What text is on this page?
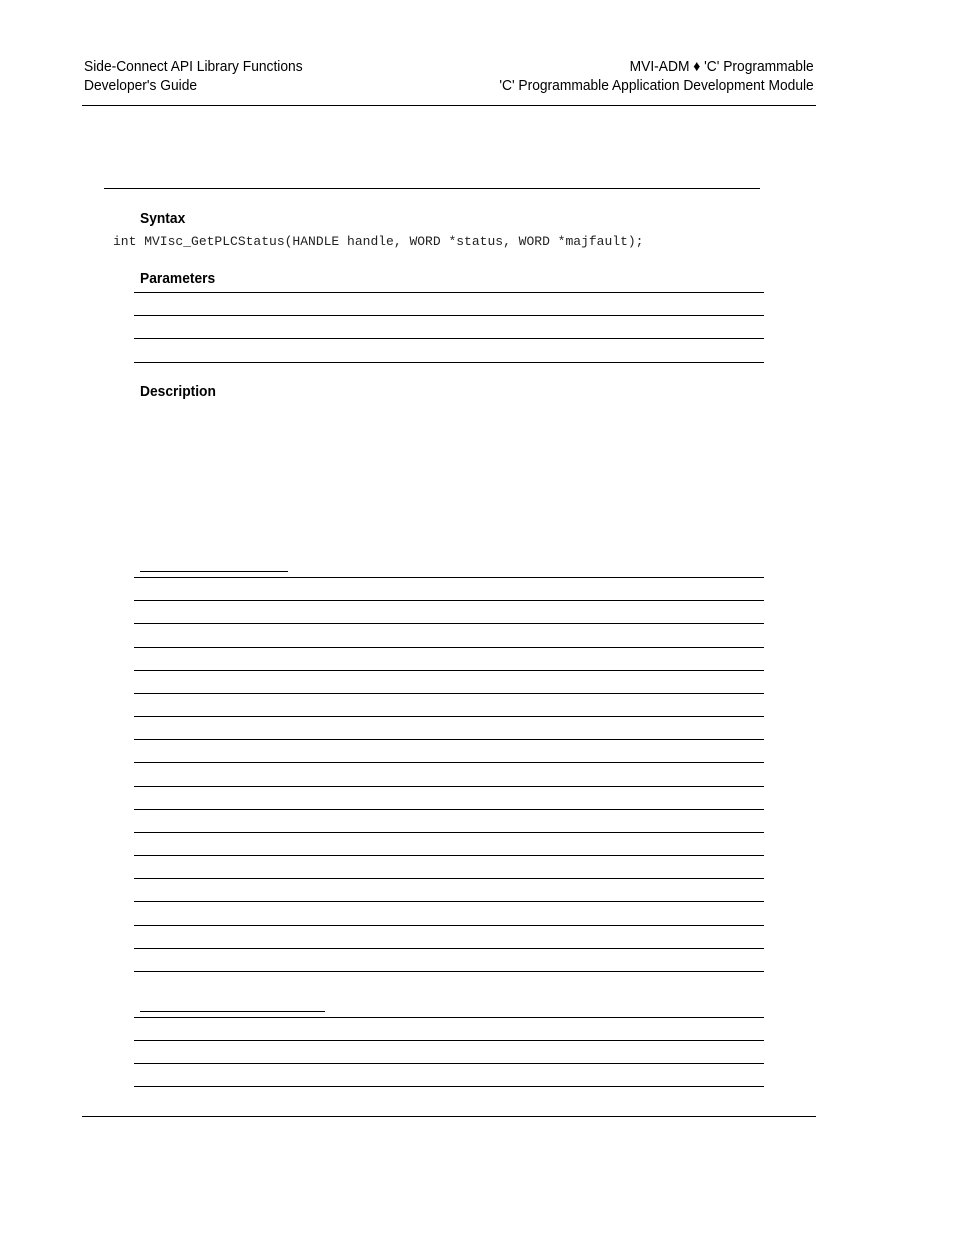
Side-Connect API Library Functions
Developer's Guide
MVI-ADM ♦ 'C' Programmable
'C' Programmable Application Development Module
Syntax
int MVIsc_GetPLCStatus(HANDLE handle, WORD *status, WORD *majfault);
Parameters
Description
